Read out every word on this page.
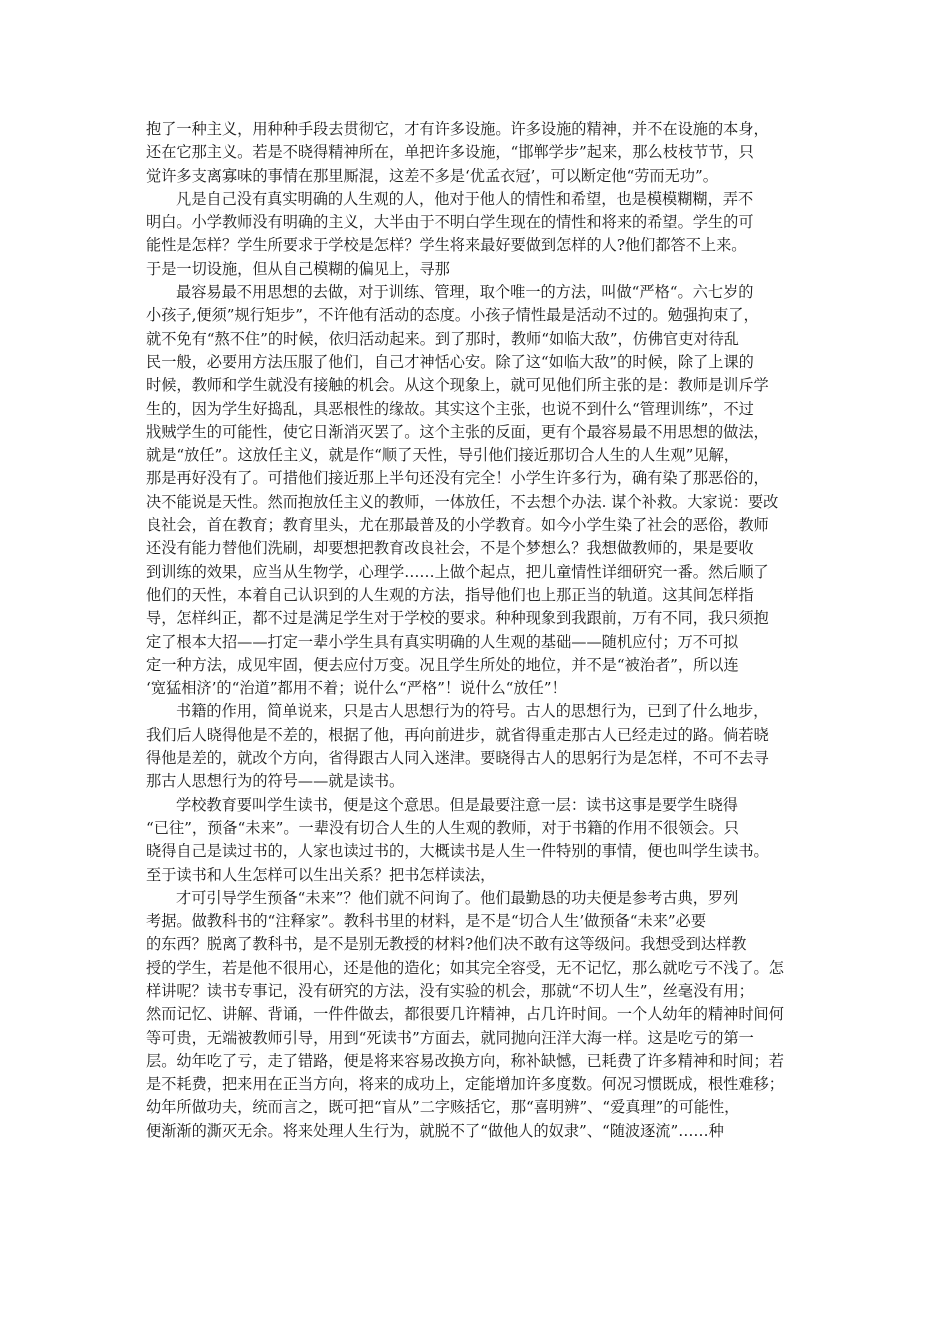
抱了一种主义，用种种手段去贯彻它，才有许多设施。许多设施的精神，并不在设施的本身，
还在它那主义。若是不晓得精神所在，单把许多设施，“邯郸学步”起来，那么枝枝节节，只
觉许多支离寡味的事情在那里厮混，这差不多是‘优孟衣冠’，可以断定他“劳而无功”。
凡是自己没有真实明确的人生观的人，他对于他人的情性和希望，也是模模糊糊，弄不
明白。小学教师没有明确的主义，大半由于不明白学生现在的情性和将来的希望。学生的可
能性是怎样？学生所要求于学校是怎样？学生将来最好要做到怎样的人?他们都答不上来。
于是一切设施，但从自己模糊的偏见上，寻那
最容易最不用思想的去做，对于训练、管理，取个唯一的方法，叫做“严格“。六七岁的
小孩子,便须”规行矩步”，不许他有活动的态度。小孩子情性最是活动不过的。勉强拘束了，
就不免有“熬不住”的时候，依归活动起来。到了那时，教师“如临大敌”，仿佛官吏对待乱
民一般，必要用方法压服了他们，自己才神恬心安。除了这“如临大敌”的时候，除了上课的
时候，教师和学生就没有接触的机会。从这个现象上，就可见他们所主张的是：教师是训斥学
生的，因为学生好捣乱，具恶根性的缘故。其实这个主张，也说不到什么“管理训练”，不过
戕贼学生的可能性，使它日渐消灭罢了。这个主张的反面，更有个最容易最不用思想的做法，
就是“放任”。这放任主义，就是作“顺了天性，导引他们接近那切合人生的人生观”见解，
那是再好没有了。可措他们接近那上半句还没有完全！小学生许多行为，确有染了那恶俗的，
决不能说是天性。然而抱放任主义的教师，一体放任，不去想个办法. 谋个补救。大家说：要改
良社会，首在教育；教育里头，尤在那最普及的小学教育。如今小学生染了社会的恶俗，教师
还没有能力替他们洗刷，却要想把教育改良社会，不是个梦想么？我想做教师的，果是要收
到训练的效果，应当从生物学，心理学……上做个起点，把儿童情性详细研究一番。然后顺了
他们的天性，本着自己认识到的人生观的方法，指导他们也上那正当的轨道。这其间怎样指
导，怎样纠正，都不过是满足学生对于学校的要求。种种现象到我跟前，万有不同，我只须抱
定了根本大招——打定一辈小学生具有真实明确的人生观的基础——随机应付；万不可拟
定一种方法，成见牢固，便去应付万变。况且学生所处的地位，并不是“被治者”，所以连
‘宽猛相济’的“治道”都用不着；说什么“严格”！说什么“放任”！
书籍的作用，简单说来，只是古人思想行为的符号。古人的思想行为，已到了什么地步，
我们后人晓得他是不差的，根据了他，再向前进步，就省得重走那古人已经走过的路。倘若晓
得他是差的，就改个方向，省得跟古人同入迷津。要晓得古人的思躬行为是怎样，不可不去寻
那古人思想行为的符号——就是读书。
学校教育要叫学生读书，便是这个意思。但是最要注意一层：读书这事是要学生晓得
“已往”，预备“未来”。一辈没有切合人生的人生观的教师，对于书籍的作用不很领会。只
晓得自己是读过书的，人家也读过书的，大概读书是人生一件特别的事情，便也叫学生读书。
至于读书和人生怎样可以生出关系？把书怎样读法，
才可引导学生预备“未来”？他们就不问询了。他们最勤恳的功夫便是参考古典，罗列
考据。做教科书的“注释家”。教科书里的材料，是不是“切合人生’做预备“未来”必要
的东西？脱离了教科书，是不是别无教授的材料?他们决不敢有这等级问。我想受到达样教
授的学生，若是他不很用心，还是他的造化；如其完全容受，无不记忆，那么就吃亏不浅了。怎
样讲呢？读书专事记，没有研究的方法，没有实验的机会，那就“不切人生”，丝毫没有用；
然而记忆、讲解、背诵，一件件做去，都很要几许精神，占几许时间。一个人幼年的精神时间何
等可贵，无端被教师引导，用到“死读书”方面去，就同抛向汪洋大海一样。这是吃亏的第一
层。幼年吃了亏，走了错路，便是将来容易改换方向，称补缺憾，已耗费了许多精神和时间；若
是不耗费，把来用在正当方向，将来的成功上，定能增加许多度数。何况习惯既成，根性难移；
幼年所做功夫，统而言之，既可把“盲从”二字赅括它，那“喜明辨”、“爱真理”的可能性，
便渐渐的澌灭无余。将来处理人生行为，就脱不了“做他人的奴隶”、“随波逐流”……种
